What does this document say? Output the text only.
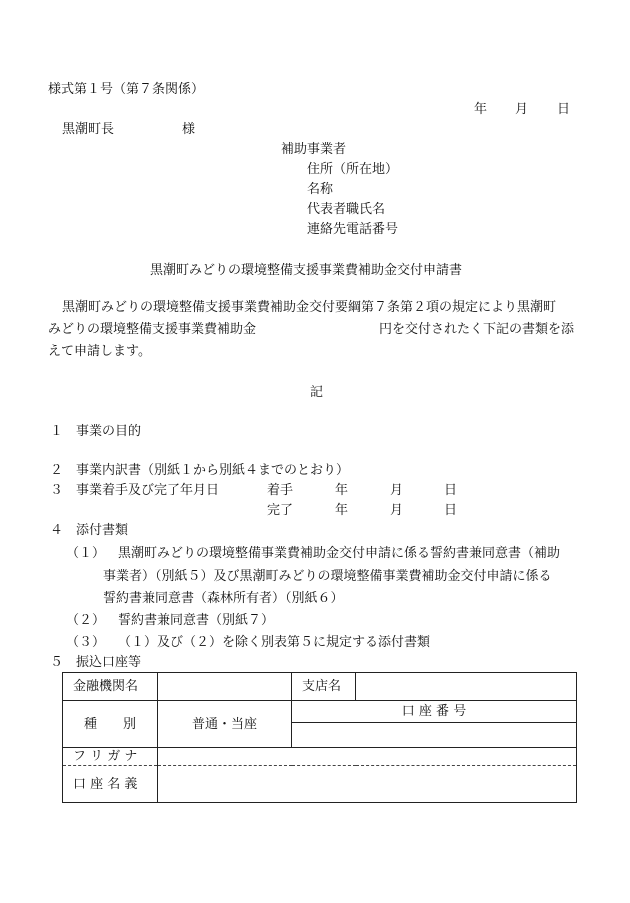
様式第１号（第７条関係）
年 月 日
黒潮町長	様
補助事業者
住所（所在地）
名称
代表者職氏名
連絡先電話番号
黒潮町みどりの環境整備支援事業費補助金交付申請書
黒潮町みどりの環境整備支援事業費補助金交付要綱第７条第２項の規定により黒潮町
みどりの環境整備支援事業費補助金	円を交付されたく下記の書類を添
えて申請します。
記
１ 事業の目的
２ 事業内訳書（別紙１から別紙４までのとおり）
３ 事業着手及び完了年月日	着手	年	月	日
完了	年	月	日
４ 添付書類
（１） 黒潮町みどりの環境整備事業費補助金交付申請に係る誓約書兼同意書（補助
事業者）（別紙５）及び黒潮町みどりの環境整備事業費補助金交付申請に係る
誓約書兼同意書（森林所有者）（別紙６）
（２） 誓約書兼同意書（別紙７）
（３） （１）及び（２）を除く別表第５に規定する添付書類
５ 振込口座等
金融機関名		支店名	
種　　別	普通・当座	口 座 番 号	

フ リ ガ ナ			
口 座 名 義			
